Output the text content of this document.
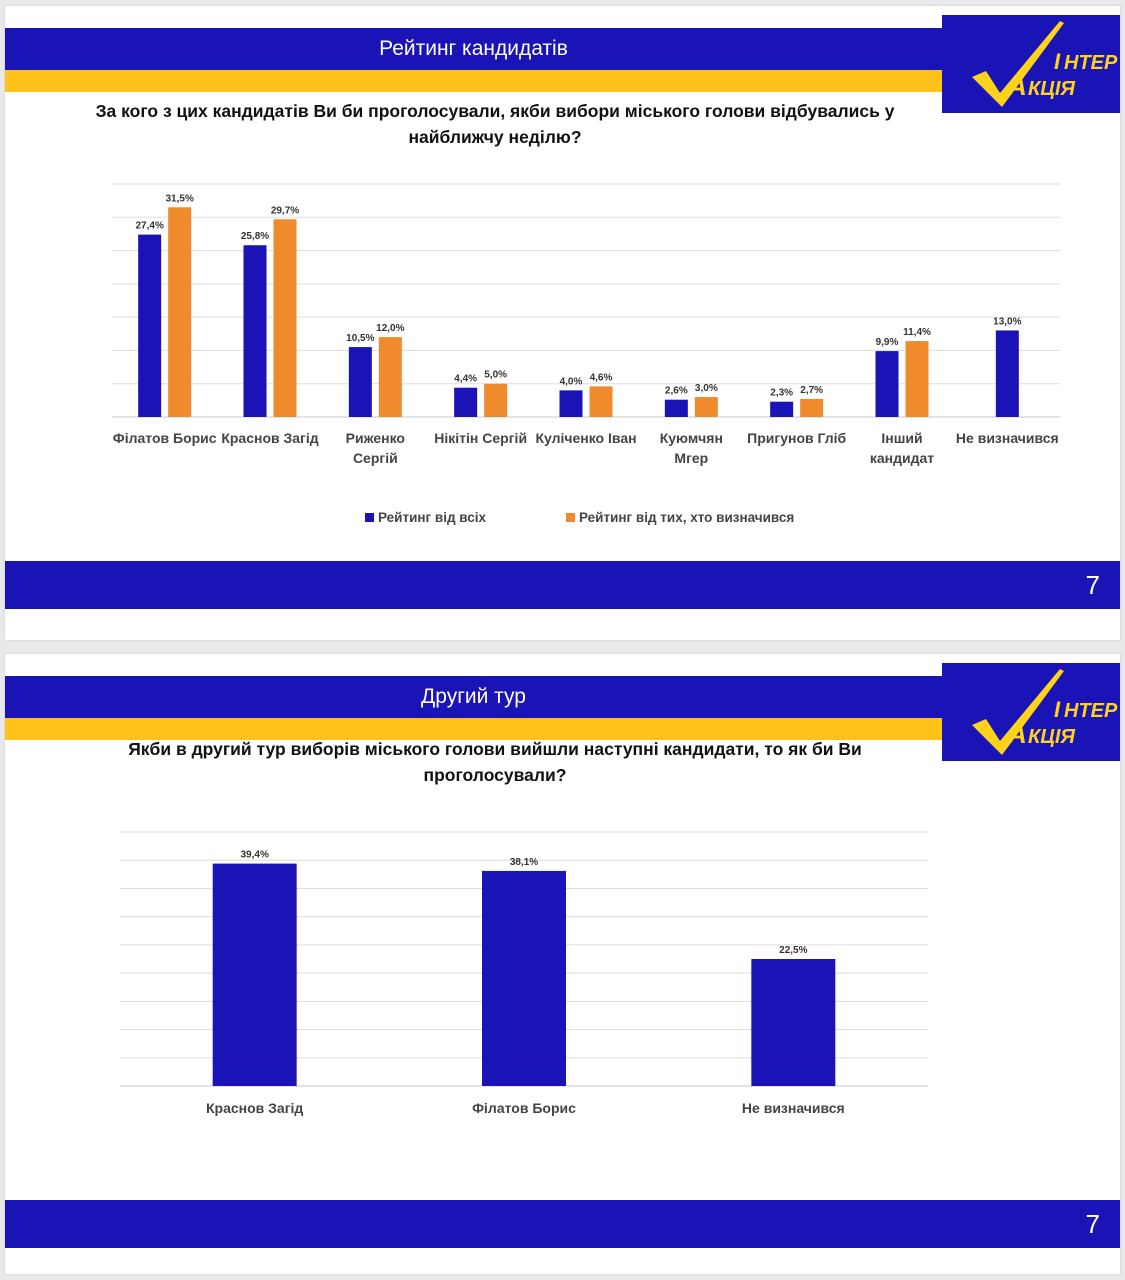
Рейтинг кандидатів
І НТЕР
А КЦІЯ
За кого з цих кандидатів Ви би проголосували, якби вибори міського голови відбувались у найближчу неділю?
27,4%
31,5%
Філатов Борис
25,8%
29,7%
Краснов Загід
10,5%
12,0%
Риженко
Сергій
4,4% 5,0%
Нікітін Сергій
4,0% 4,6%
Кулiченко Іван
2,6% 3,0%
Куюмчян
Мгер
2,3% 2,7%
Пригунов Гліб
9,9%
11,4%
Інший
кандидат
13,0%
Не визначився
Рейтинг від всіх	Рейтинг від тих, хто визначився
7
Другий тур
І НТЕР
А КЦІЯ
Якби в другий тур виборів міського голови вийшли наступні кандидати, то як би Ви проголосували?
39,4%
Краснов Загід
38,1%
Філатов Борис
22,5%
Не визначився
7
